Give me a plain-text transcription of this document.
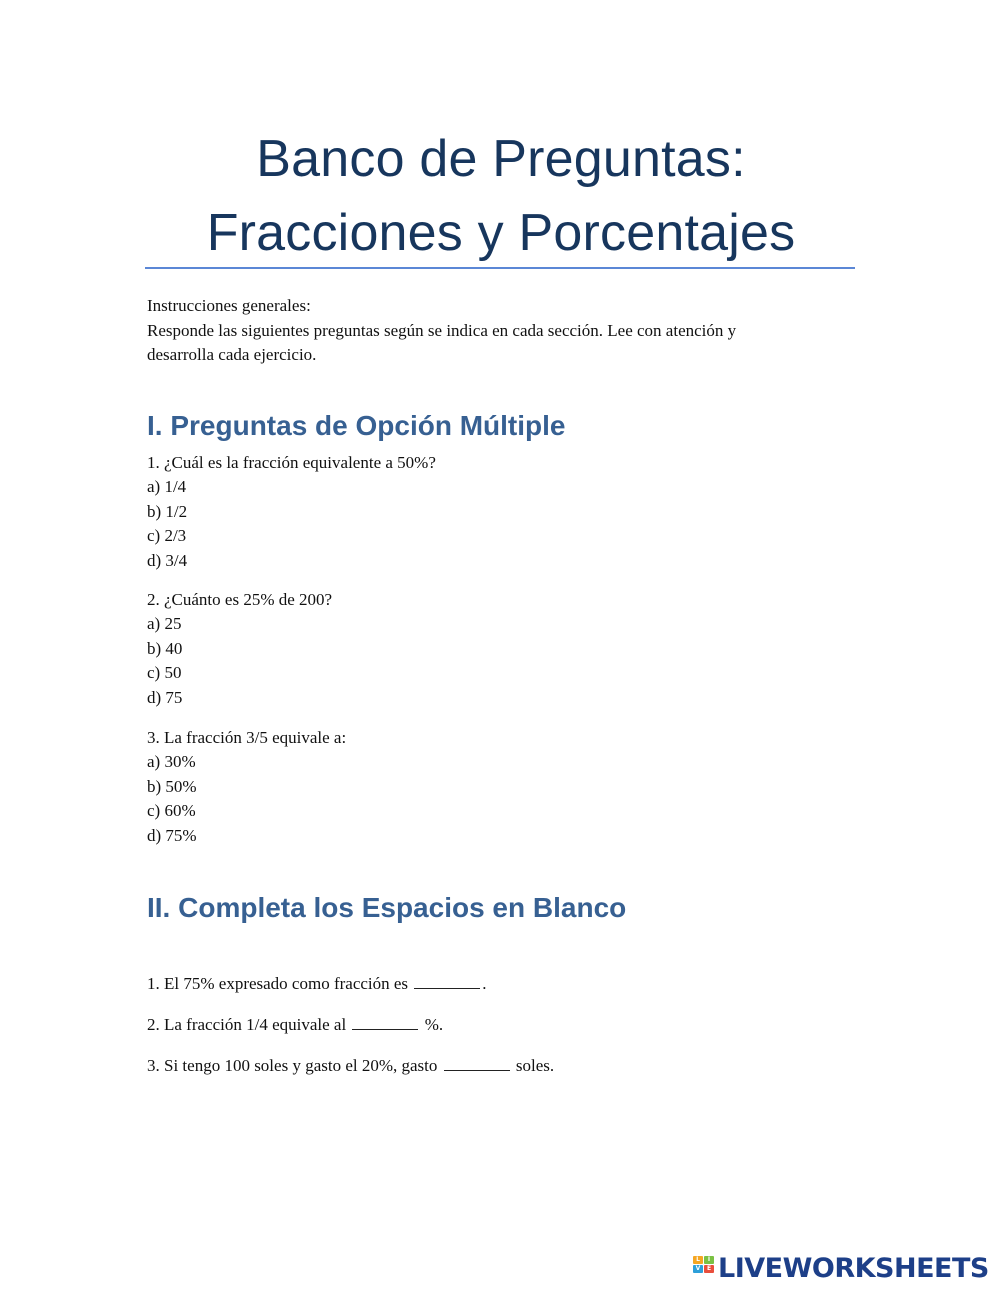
Banco de Preguntas:
Fracciones y Porcentajes
Instrucciones generales:
Responde las siguientes preguntas según se indica en cada sección. Lee con atención y
desarrolla cada ejercicio.
I. Preguntas de Opción Múltiple
1. ¿Cuál es la fracción equivalente a 50%?
a) 1/4
b) 1/2
c) 2/3
d) 3/4
2. ¿Cuánto es 25% de 200?
a) 25
b) 40
c) 50
d) 75
3. La fracción 3/5 equivale a:
a) 30%
b) 50%
c) 60%
d) 75%
II. Completa los Espacios en Blanco
1. El 75% expresado como fracción es	.
2. La fracción 1/4 equivale al	%.
3. Si tengo 100 soles y gasto el 20%, gasto	soles.
L	I
V	E LIVEWORKSHEETS
